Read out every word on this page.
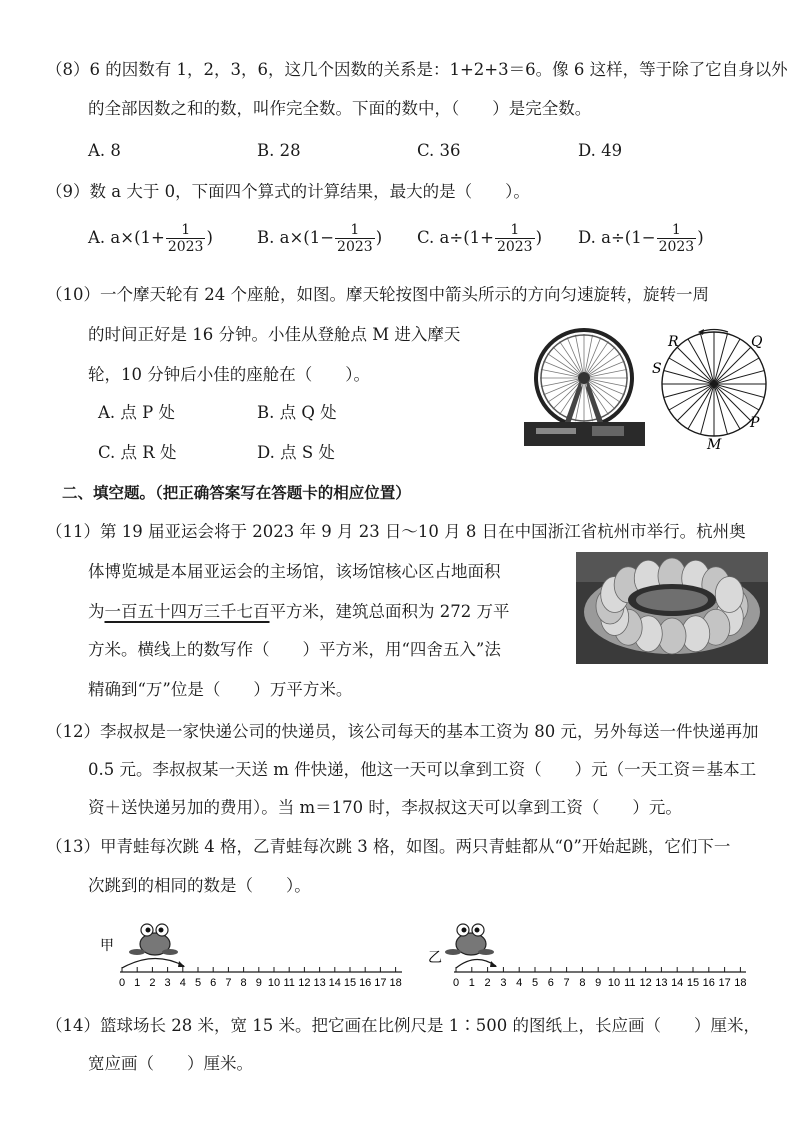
（8）6 的因数有 1，2，3，6，这几个因数的关系是：1+2+3＝6。像 6 这样，等于除了它自身以外
的全部因数之和的数，叫作完全数。下面的数中，（　　）是完全数。
A. 8	B. 28	C. 36	D. 49
（9）数 a 大于 0，下面四个算式的计算结果，最大的是（　　）。
A. $a\times(1+ \frac{1}{2023}$ )	B. $a\times(1- \frac{1}{2023}$ ) C. $a\div(1+ \frac{1}{2023}$ ) D. $a\div(1- \frac{1}{2023}$ )
（10）一个摩天轮有 24 个座舱，如图。摩天轮按图中箭头所示的方向匀速旋转，旋转一周
的时间正好是 16 分钟。小佳从登舱点 M 进入摩天
轮，10 分钟后小佳的座舱在（　　）。
A. 点 P 处	B. 点 Q 处
C. 点 R 处	D. 点 S 处
R	Q
S
P
M
二、填空题。（把正确答案写在答题卡的相应位置）
（11）第 19 届亚运会将于 2023 年 9 月 23 日～10 月 8 日在中国浙江省杭州市举行。杭州奥
体博览城是本届亚运会的主场馆，该场馆核心区占地面积
为一百五十四万三千七百平方米，建筑总面积为 272 万平
方米。横线上的数写作（　　）平方米，用“四舍五入”法
精确到“万”位是（　　）万平方米。
（12）李叔叔是一家快递公司的快递员，该公司每天的基本工资为 80 元，另外每送一件快递再加
0.5 元。李叔叔某一天送 m 件快递，他这一天可以拿到工资（　　）元（一天工资＝基本工
资＋送快递另加的费用）。当 m＝170 时，李叔叔这天可以拿到工资（　　）元。
（13）甲青蛙每次跳 4 格，乙青蛙每次跳 3 格，如图。两只青蛙都从“0”开始起跳，它们下一
次跳到的相同的数是（　　）。
甲
0 1 2 3 4 5 6 7 8 9 10 11 12 13 14 15 16 17 18
乙
0 1 2 3 4 5 6 7 8 9 10 11 12 13 14 15 16 17 18
（14）篮球场长 28 米，宽 15 米。把它画在比例尺是 1∶500 的图纸上，长应画（　　）厘米，
宽应画（　　）厘米。
